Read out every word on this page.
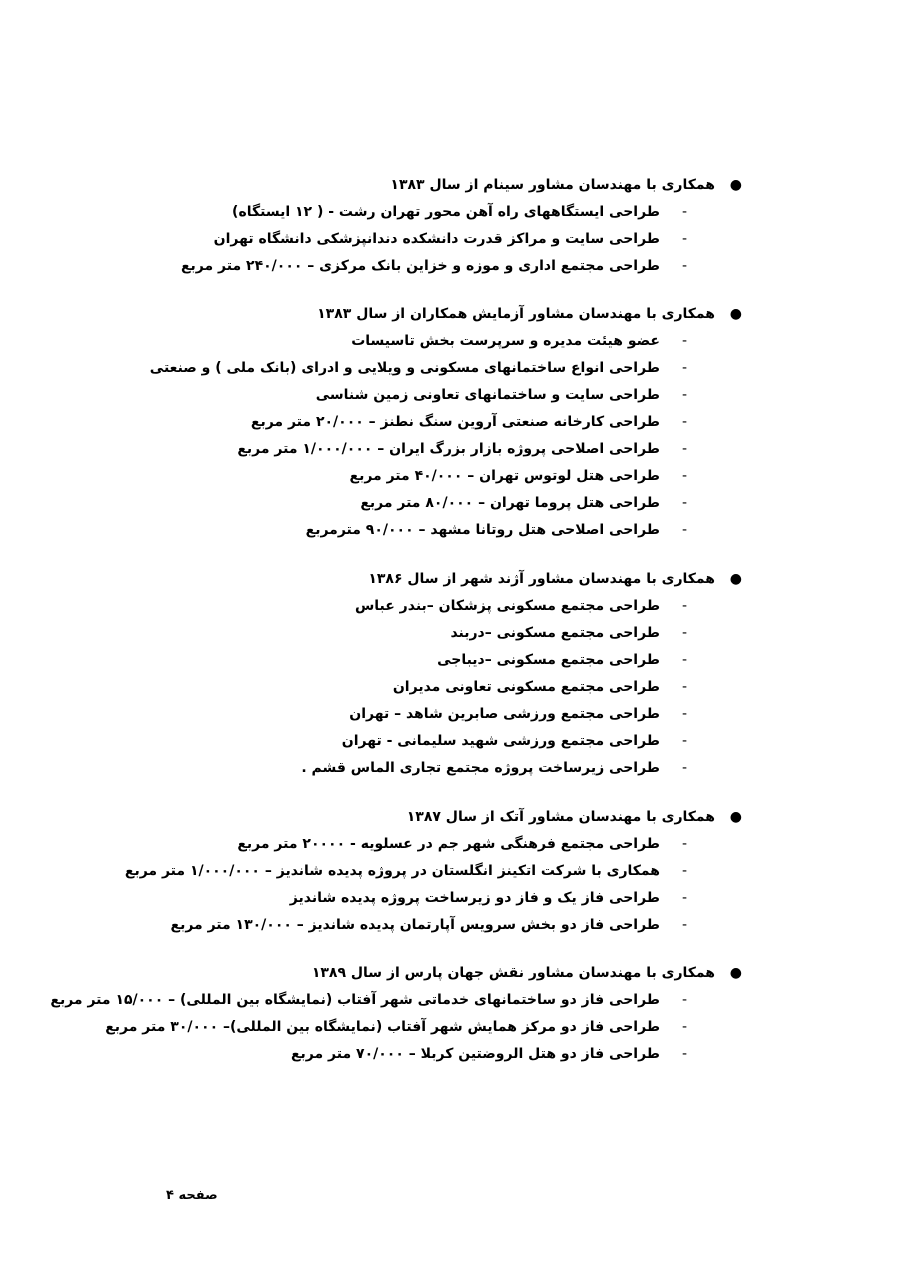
●
همکاری با مهندسان مشاور سینام از سال ۱۳۸۳
-
طراحی ایستگاههای راه آهن محور تهران رشت - ( ۱۲ ایستگاه)
-
طراحی سایت و مراکز قدرت دانشکده دندانپزشکی دانشگاه تهران
-
طراحی مجتمع اداری و موزه و خزاین بانک مرکزی – ۲۴۰/۰۰۰ متر مربع
●
همکاری با مهندسان مشاور آزمایش همکاران از سال ۱۳۸۳
-
عضو هیئت مدیره و سرپرست بخش تاسیسات
-
طراحی انواع ساختمانهای مسکونی و ویلایی و ادرای (بانک ملی ) و صنعتی
-
طراحی سایت و ساختمانهای تعاونی زمین شناسی
-
طراحی کارخانه صنعتی آروین سنگ نطنز – ۲۰/۰۰۰ متر مربع
-
طراحی اصلاحی پروژه بازار بزرگ ایران – ۱/۰۰۰/۰۰۰ متر مربع
-
طراحی هتل لوتوس تهران – ۴۰/۰۰۰ متر مربع
-
طراحی هتل پروما تهران – ۸۰/۰۰۰ متر مربع
-
طراحی اصلاحی هتل روتانا مشهد – ۹۰/۰۰۰ مترمربع
●
همکاری با مهندسان مشاور آژند شهر از سال ۱۳۸۶
-
طراحی مجتمع مسکونی پزشکان –بندر عباس
-
طراحی مجتمع مسکونی –دربند
-
طراحی مجتمع مسکونی –دیباجی
-
طراحی مجتمع مسکونی تعاونی مدیران
-
طراحی مجتمع ورزشی صابرین شاهد – تهران
-
طراحی مجتمع ورزشی شهید سلیمانی - تهران
-
طراحی زیرساخت پروژه مجتمع تجاری الماس قشم .
●
همکاری با مهندسان مشاور آتک از سال ۱۳۸۷
-
طراحی مجتمع فرهنگی شهر جم در عسلویه - ۲۰۰۰۰ متر مربع
-
همکاری با شرکت اتکینز انگلستان در پروژه پدیده شاندیز – ۱/۰۰۰/۰۰۰ متر مربع
-
طراحی فاز یک و فاز دو زیرساخت پروژه پدیده شاندیز
-
طراحی فاز دو بخش سرویس آپارتمان پدیده شاندیز – ۱۳۰/۰۰۰ متر مربع
●
همکاری با مهندسان مشاور نقش جهان پارس از سال ۱۳۸۹
-
طراحی فاز دو ساختمانهای خدماتی شهر آفتاب (نمایشگاه بین المللی) – ۱۵/۰۰۰ متر مربع
-
طراحی فاز دو مرکز همایش شهر آفتاب (نمایشگاه بین المللی)– ۳۰/۰۰۰ متر مربع
-
طراحی فاز دو هتل الروضتین کربلا – ۷۰/۰۰۰ متر مربع
صفحه ۴
